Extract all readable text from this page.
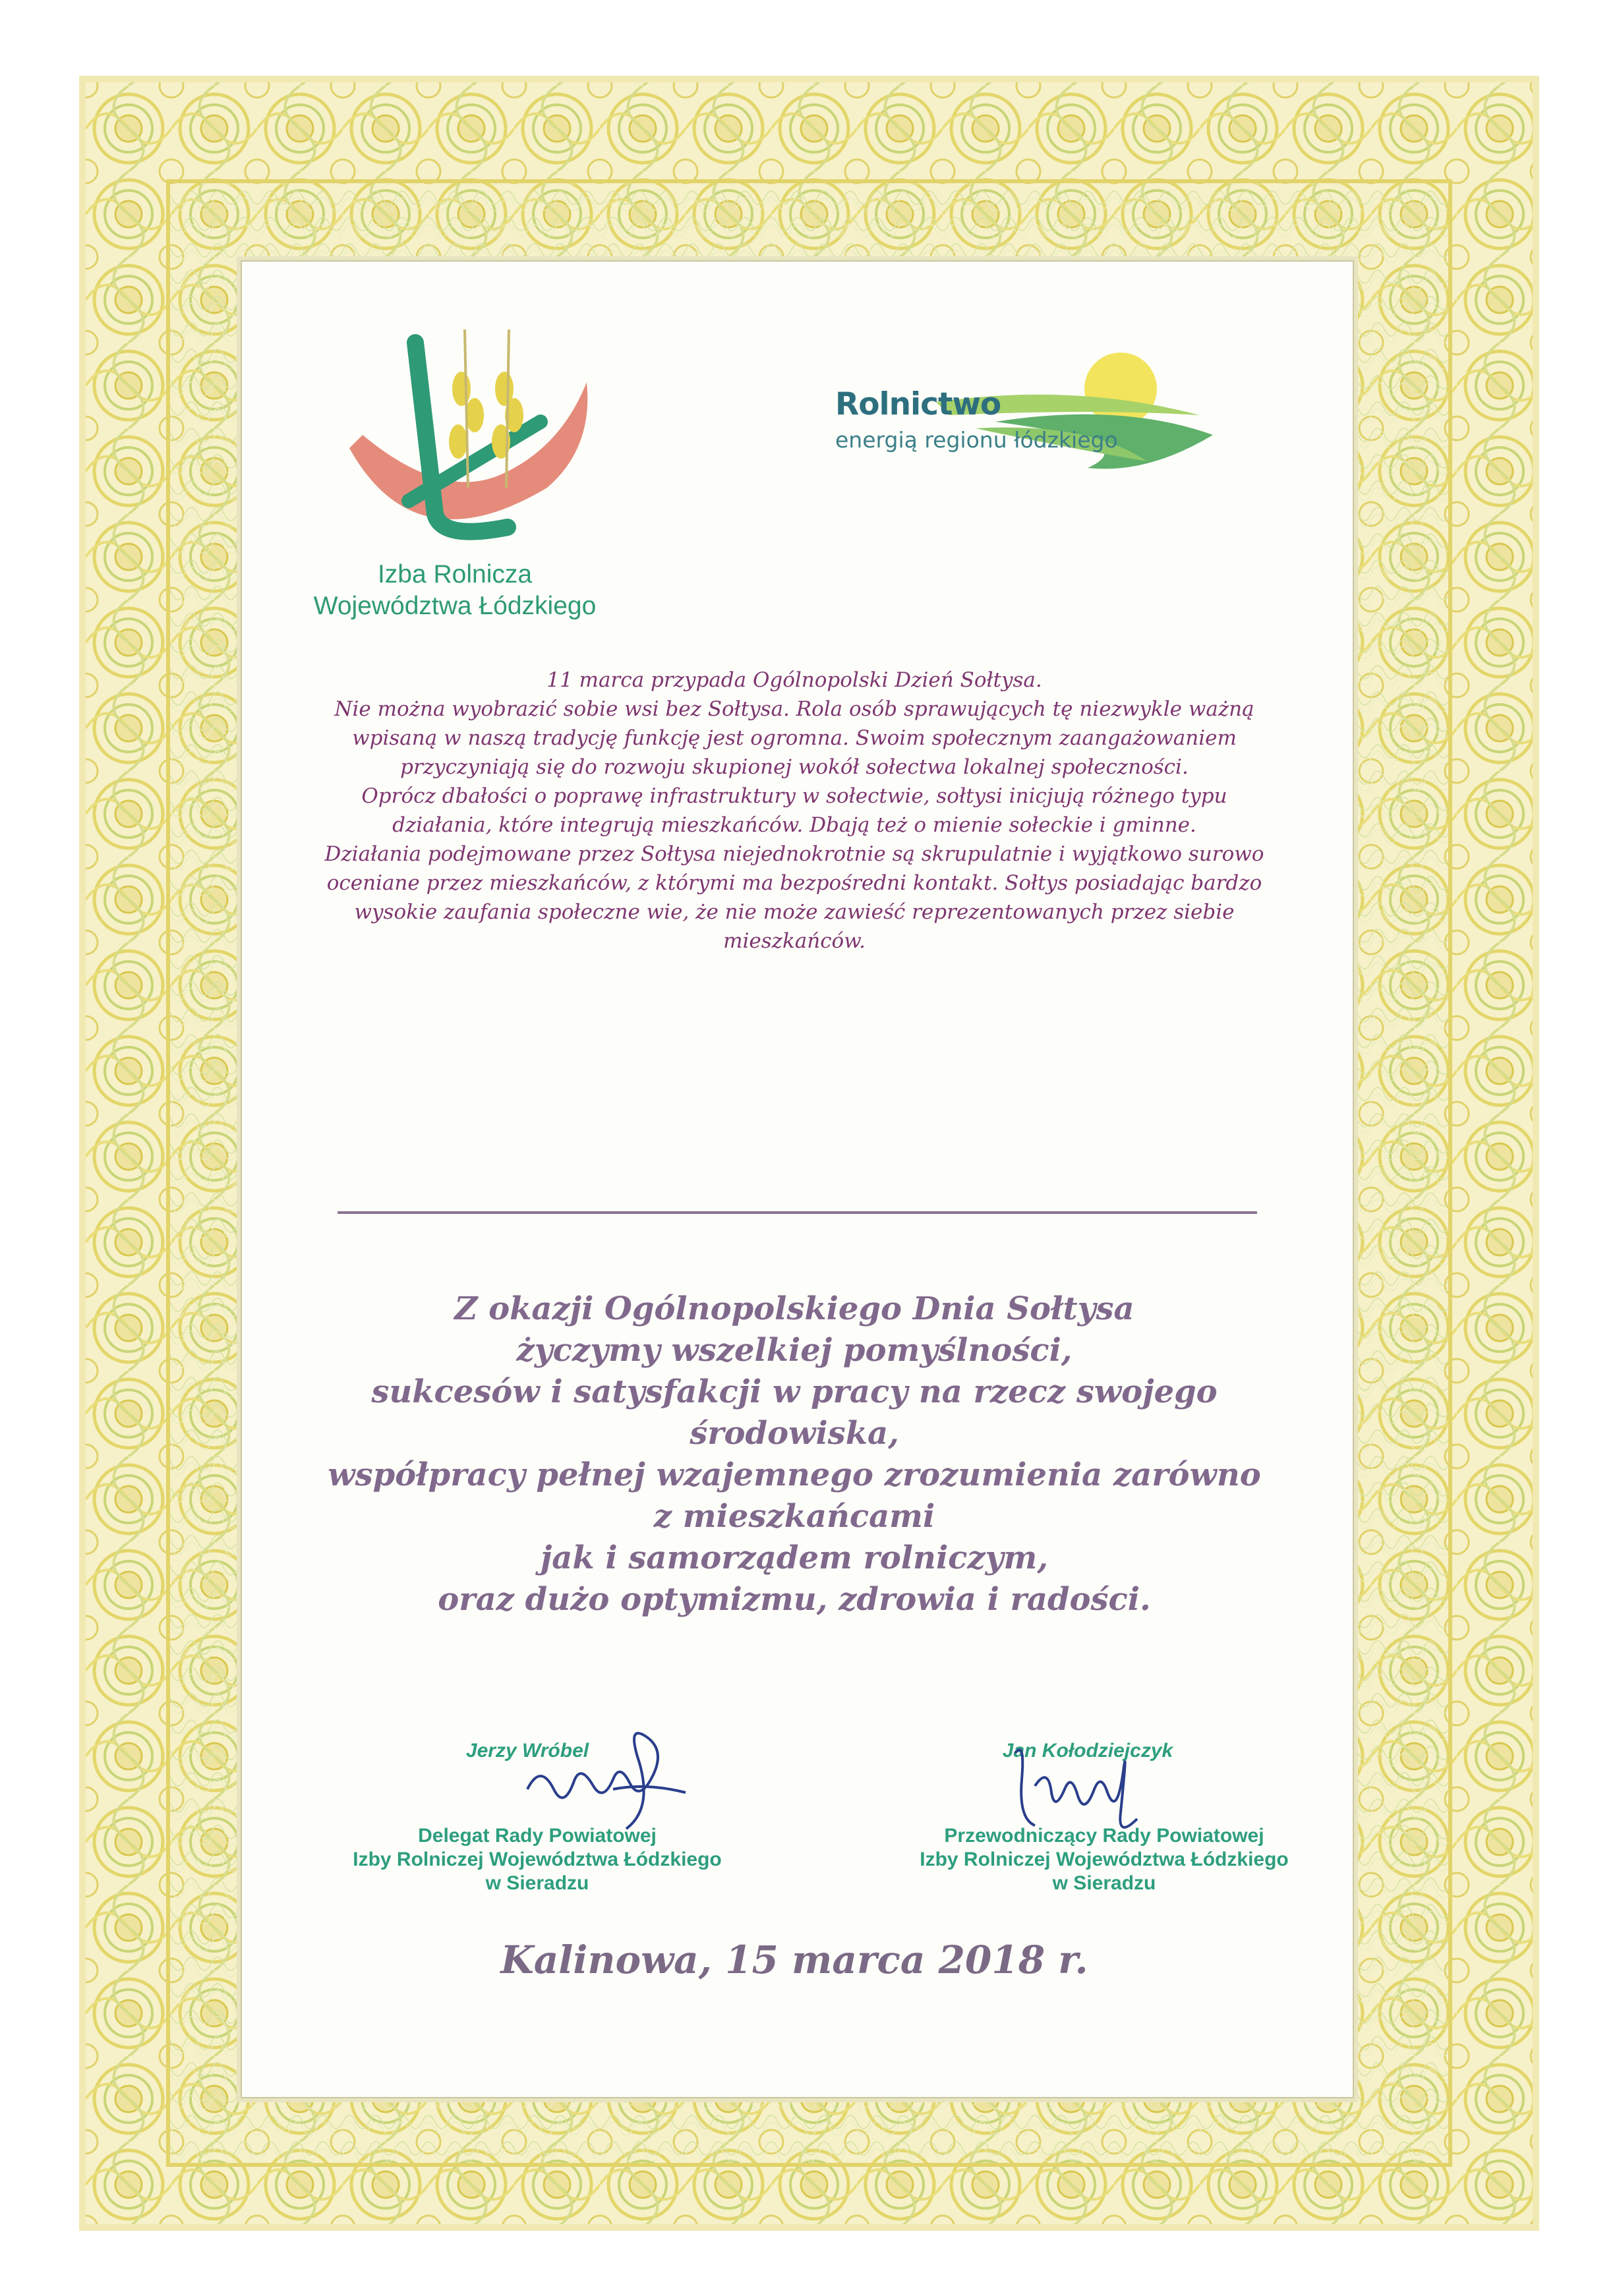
Izba Rolnicza
Województwa Łódzkiego
Rolnictwo
energią regionu łódzkiego

11 marca przypada Ogólnopolski Dzień Sołtysa.

Nie można wyobrazić sobie wsi bez Sołtysa. Rola osób sprawujących tę niezwykle ważną

wpisaną w naszą tradycję funkcję jest ogromna. Swoim społecznym zaangażowaniem

przyczyniają się do rozwoju skupionej wokół sołectwa lokalnej społeczności.

Oprócz dbałości o poprawę infrastruktury w sołectwie, sołtysi inicjują różnego typu

działania, które integrują mieszkańców. Dbają też o mienie sołeckie i gminne.

Działania podejmowane przez Sołtysa niejednokrotnie są skrupulatnie i wyjątkowo surowo

oceniane przez mieszkańców, z którymi ma bezpośredni kontakt. Sołtys posiadając bardzo

wysokie zaufania społeczne wie, że nie może zawieść reprezentowanych przez siebie

mieszkańców.

Z okazji Ogólnopolskiego Dnia Sołtysa

życzymy wszelkiej pomyślności,

sukcesów i satysfakcji w pracy na rzecz swojego

środowiska,

współpracy pełnej wzajemnego zrozumienia zarówno

z mieszkańcami

jak i samorządem rolniczym,

oraz dużo optymizmu, zdrowia i radości.

Jerzy Wróbel

Delegat Rady Powiatowej

Izby Rolniczej Województwa Łódzkiego

w Sieradzu

Jan Kołodziejczyk

Przewodniczący Rady Powiatowej

Izby Rolniczej Województwa Łódzkiego

w Sieradzu

Kalinowa, 15 marca 2018 r.
